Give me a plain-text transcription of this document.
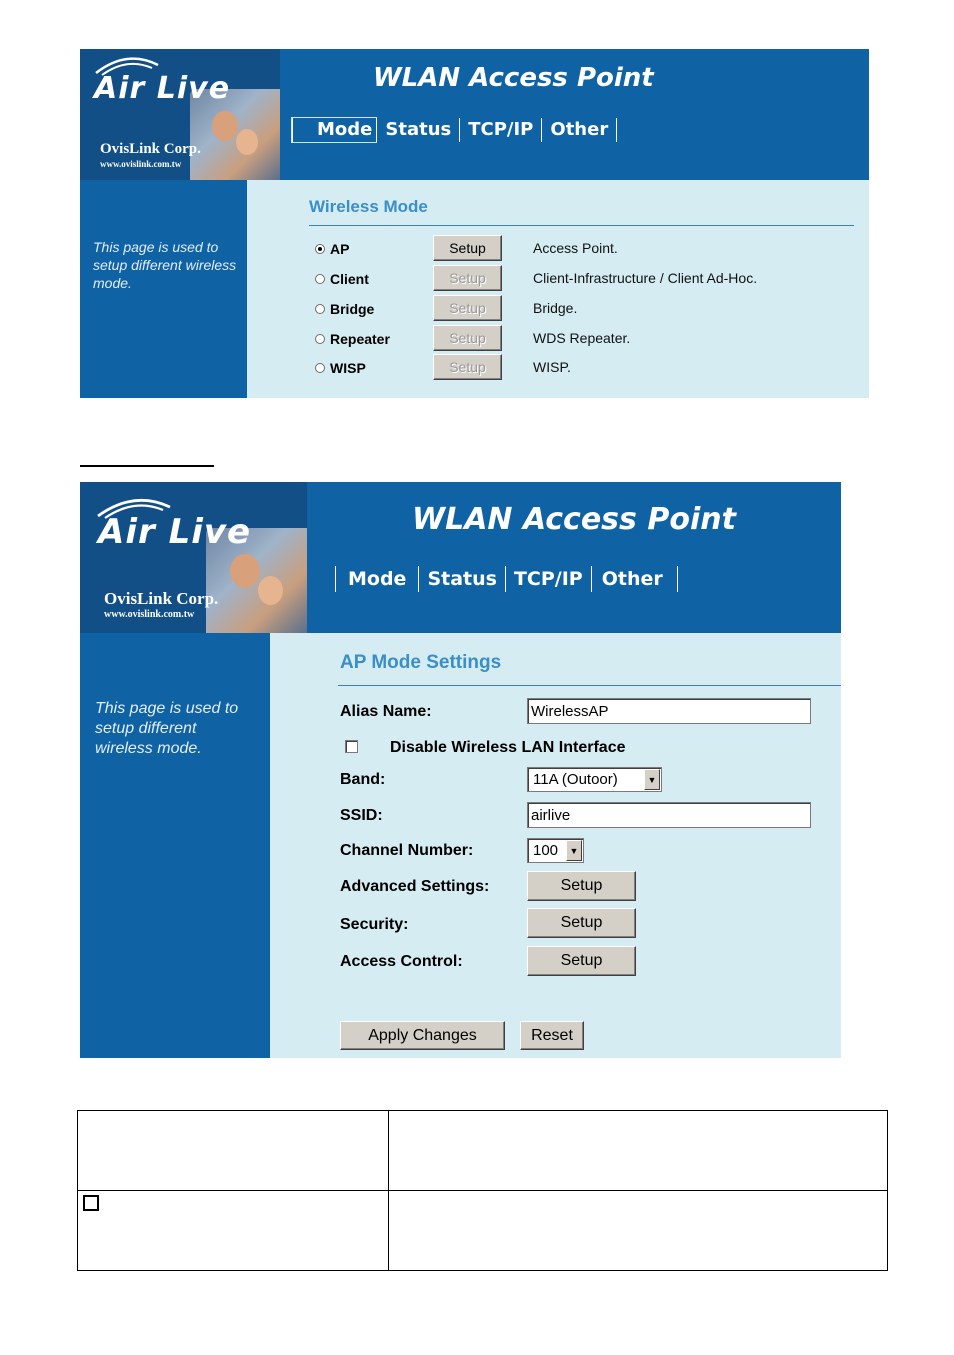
Air Live
OvisLink Corp.
www.ovislink.com.tw
WLAN Access Point
Mode Status TCP/IP Other
This page is used to setup different wireless mode.
Wireless Mode
AP	Setup	Access Point.
Client	Setup	Client-Infrastructure / Client Ad-Hoc.
Bridge	Setup	Bridge.
Repeater	Setup	WDS Repeater.
WISP	Setup	WISP.
Air Live
OvisLink Corp.
www.ovislink.com.tw
WLAN Access Point
Mode	Status TCP/IP	Other
This page is used to setup different wireless mode.
AP Mode Settings
Alias Name:	WirelessAP
Disable Wireless LAN Interface
Band:	11A (Outoor)	▼
SSID:	airlive
Channel Number:	100	▼
Advanced Settings:	Setup
Security:	Setup
Access Control:	Setup
Apply Changes	Reset
